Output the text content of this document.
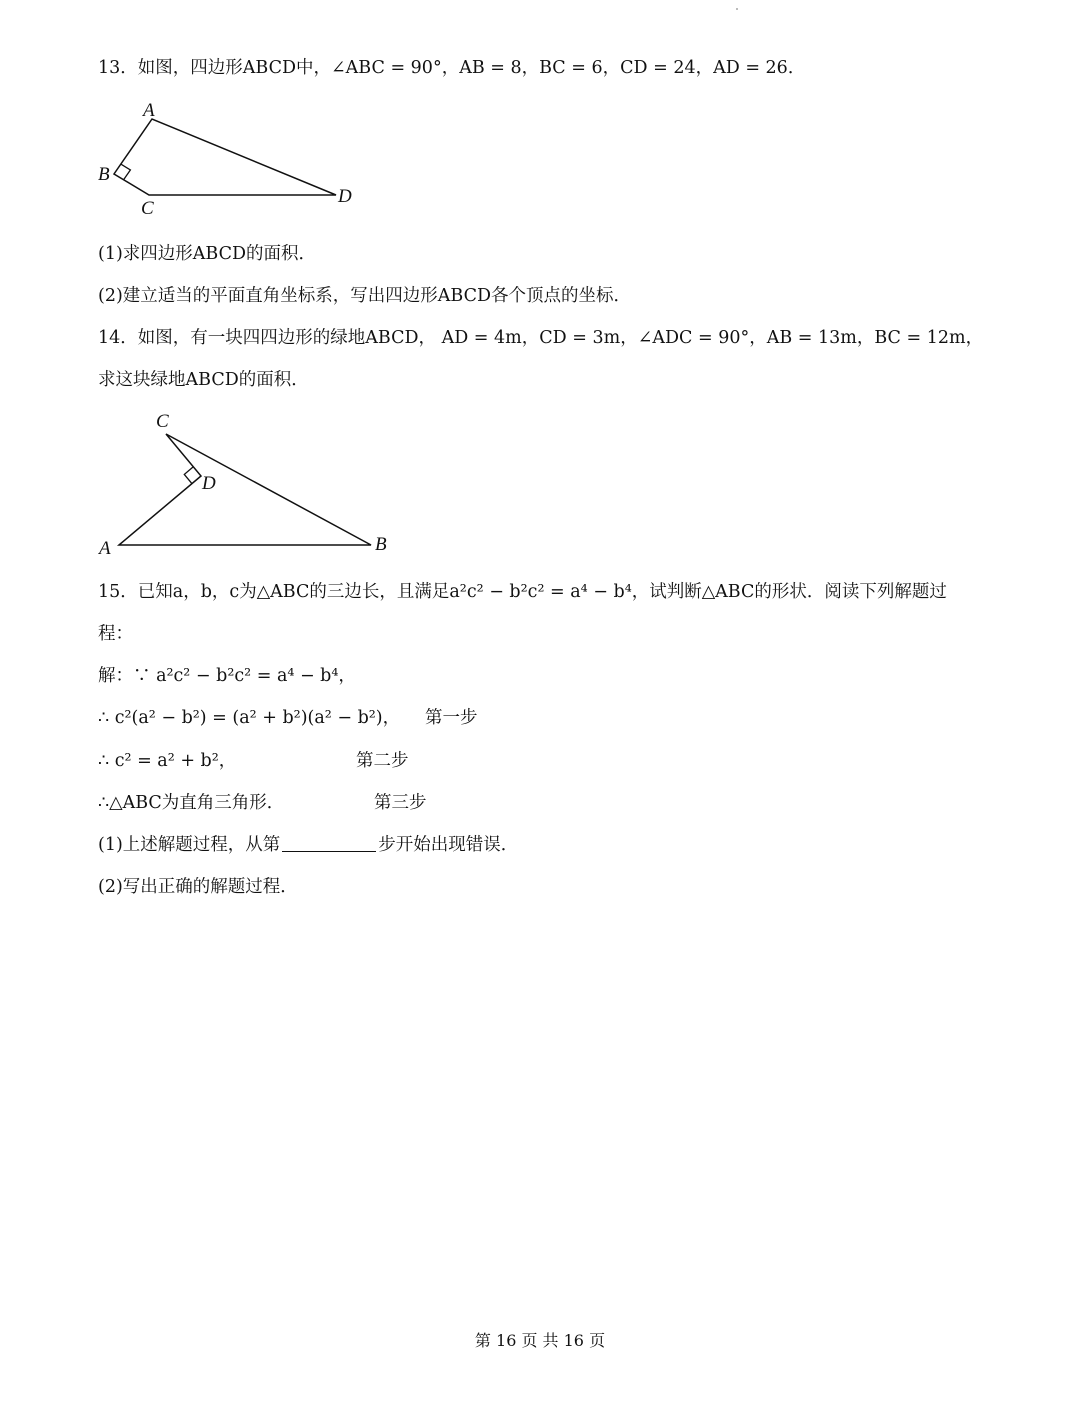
13．如图，四边形ABCD中，∠ABC = 90°，AB = 8，BC = 6，CD = 24，AD = 26．
A
B
C
D
(1)求四边形ABCD的面积．
(2)建立适当的平面直角坐标系，写出四边形ABCD各个顶点的坐标．
14．如图，有一块四四边形的绿地ABCD， AD = 4m，CD = 3m，∠ADC = 90°，AB = 13m，BC = 12m，
求这块绿地ABCD的面积．
C
D
A	B
15．已知a，b，c为△ABC的三边长，且满足a²c² − b²c² = a⁴ − b⁴，试判断△ABC的形状．阅读下列解题过
程：
解：∵ a²c² − b²c² = a⁴ − b⁴，
∴ c²(a² − b²) = (a² + b²)(a² − b²)， 第一步
∴ c² = a² + b²，	第二步
∴△ABC为直角三角形．	第三步
(1)上述解题过程，从第	步开始出现错误．
(2)写出正确的解题过程．
第 16 页 共 16 页
